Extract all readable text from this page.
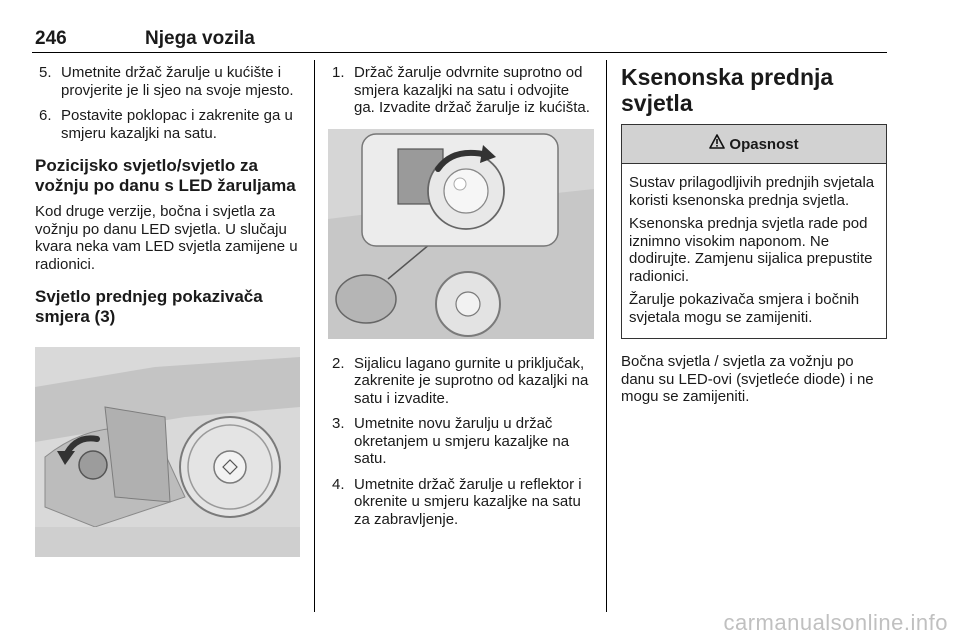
246	Njega vozila
5. Umetnite držač žarulje u kućište i provjerite je li sjeo na svoje mjesto.
6. Postavite poklopac i zakrenite ga u smjeru kazaljki na satu.
Pozicijsko svjetlo/svjetlo za vožnju po danu s LED žaruljama
Kod druge verzije, bočna i svjetla za vožnju po danu LED svjetla. U slučaju kvara neka vam LED svjetla zamijene u radionici.
Svjetlo prednjeg pokazivača smjera (3)
1. Držač žarulje odvrnite suprotno od smjera kazaljki na satu i odvojite ga. Izvadite držač žarulje iz kućišta.
2. Sijalicu lagano gurnite u priključak, zakrenite je suprotno od kazaljki na satu i izvadite.
3. Umetnite novu žarulju u držač okretanjem u smjeru kazaljke na satu.
4. Umetnite držač žarulje u reflektor i okrenite u smjeru kazaljke na satu za zabravljenje.
Ksenonska prednja svjetla
Opasnost
Sustav prilagodljivih prednjih svjetala koristi ksenonska prednja svjetla.
Ksenonska prednja svjetla rade pod iznimno visokim naponom. Ne dodirujte. Zamjenu sijalica prepustite radionici.
Žarulje pokazivača smjera i bočnih svjetala mogu se zamijeniti.
Bočna svjetla / svjetla za vožnju po danu su LED-ovi (svjetleće diode) i ne mogu se zamijeniti.
carmanualsonline.info
